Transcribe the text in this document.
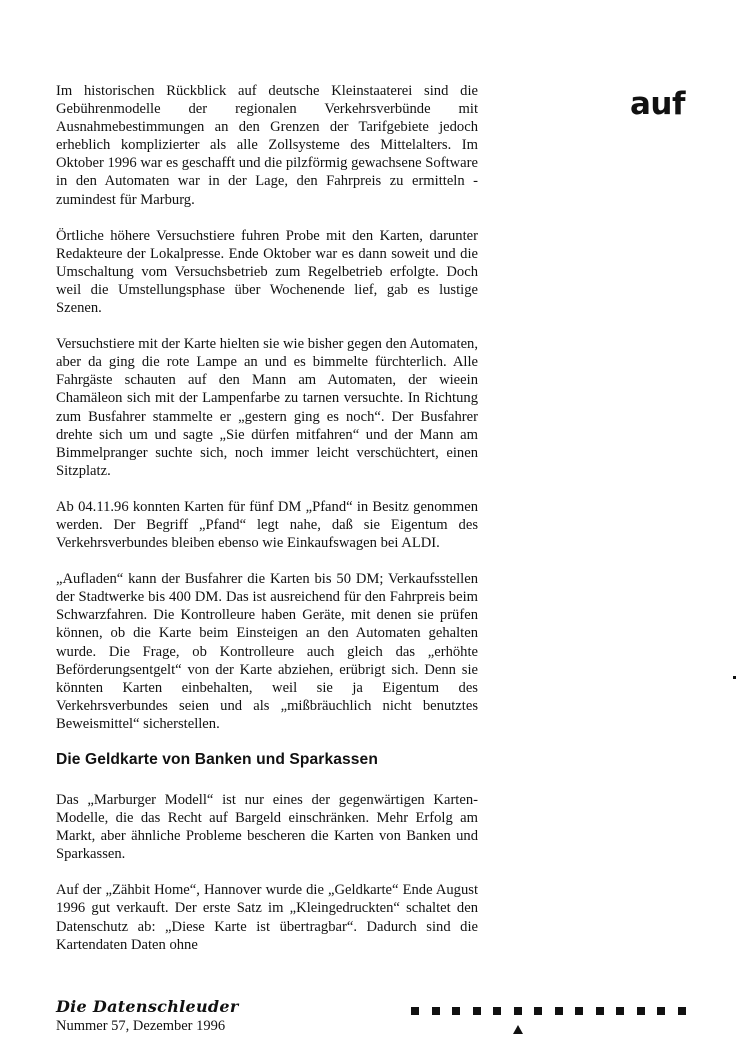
auf

Im historischen Rückblick auf deutsche Kleinstaaterei sind die Gebührenmodelle der regionalen Verkehrsverbünde mit Ausnahmebestimmungen an den Grenzen der Tarifgebiete jedoch erheblich komplizierter als alle Zollsysteme des Mittelalters. Im Oktober 1996 war es geschafft und die pilzförmig gewachsene Software in den Automaten war in der Lage, den Fahrpreis zu ermitteln - zumindest für Marburg.

Örtliche höhere Versuchstiere fuhren Probe mit den Karten, darunter Redakteure der Lokalpresse. Ende Oktober war es dann soweit und die Umschaltung vom Versuchsbetrieb zum Regelbetrieb erfolgte. Doch weil die Umstellungsphase über Wochenende lief, gab es lustige Szenen.

Versuchstiere mit der Karte hielten sie wie bisher gegen den Automaten, aber da ging die rote Lampe an und es bimmelte fürchterlich. Alle Fahrgäste schauten auf den Mann am Automaten, der wieein Chamäleon sich mit der Lampenfarbe zu tarnen versuchte. In Richtung zum Busfahrer stammelte er „gestern ging es noch“. Der Busfahrer drehte sich um und sagte „Sie dürfen mitfahren“ und der Mann am Bimmelpranger suchte sich, noch immer leicht verschüchtert, einen Sitzplatz.

Ab 04.11.96 konnten Karten für fünf DM „Pfand“ in Besitz genommen werden. Der Begriff „Pfand“ legt nahe, daß sie Eigentum des Verkehrsverbundes bleiben ebenso wie Einkaufswagen bei ALDI.

„Aufladen“ kann der Busfahrer die Karten bis 50 DM; Verkaufsstellen der Stadtwerke bis 400 DM. Das ist ausreichend für den Fahrpreis beim Schwarzfahren. Die Kontrolleure haben Geräte, mit denen sie prüfen können, ob die Karte beim Einsteigen an den Automaten gehalten wurde. Die Frage, ob Kontrolleure auch gleich das „erhöhte Beförderungsentgelt“ von der Karte abziehen, erübrigt sich. Denn sie könnten Karten einbehalten, weil sie ja Eigentum des Verkehrsverbundes seien und als „mißbräuchlich nicht benutztes Beweismittel“ sicherstellen.

Die Geldkarte von Banken und Sparkassen

Das „Marburger Modell“ ist nur eines der gegenwärtigen Karten-Modelle, die das Recht auf Bargeld einschränken. Mehr Erfolg am Markt, aber ähnliche Probleme bescheren die Karten von Banken und Sparkassen.

Auf der „Zähbit Home“, Hannover wurde die „Geldkarte“ Ende August 1996 gut verkauft. Der erste Satz im „Kleingedruckten“ schaltet den Datenschutz ab: „Diese Karte ist übertragbar“. Dadurch sind die Kartendaten Daten ohne

Die Datenschleuder
Nummer 57, Dezember 1996
